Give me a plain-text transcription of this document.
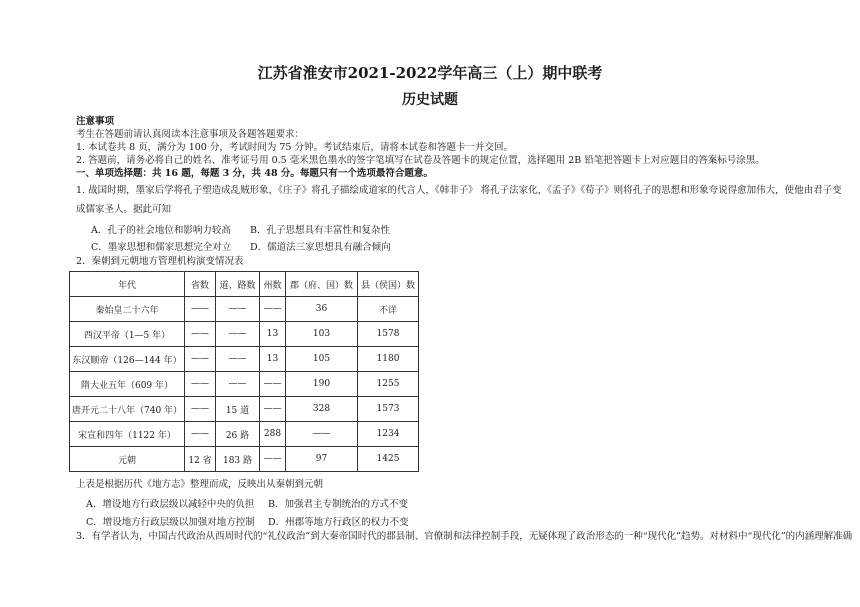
江苏省淮安市2021-2022学年高三（上）期中联考
历史试题
注意事项
考生在答题前请认真阅读本注意事项及各题答题要求：
1. 本试卷共 8 页，满分为 100 分，考试时间为 75 分钟。考试结束后，请将本试卷和答题卡一并交回。
2. 答题前，请务必将自己的姓名、准考证号用 0.5 毫米黑色墨水的签字笔填写在试卷及答题卡的规定位置，选择题用 2B 铅笔把答题卡上对应题目的答案标号涂黑。
一、单项选择题：共 16 题，每题 3 分，共 48 分。每题只有一个选项最符合题意。
1. 战国时期，墨家后学将孔子塑造成乱贼形象，《庄子》将孔子描绘成道家的代言人，《韩非子》 将孔子法家化，《孟子》《荀子》则将孔子的思想和形象夸说得愈加伟大，使他由君子变
成儒家圣人。据此可知
A．孔子的社会地位和影响力较高 B．孔子思想具有丰富性和复杂性
C．墨家思想和儒家思想完全对立 D．儒道法三家思想具有融合倾向
2．秦朝到元朝地方管理机构演变情况表
年代	省数	道、路数	州数	郡（府、国）数	县（侯国）数
秦始皇二十六年	——	——	——	36	不详
西汉平帝（1—5 年）	——	——	13	103	1578
东汉顺帝（126—144 年）	——	——	13	105	1180
隋大业五年（609 年）	——	——	——	190	1255
唐开元二十八年（740 年）	——	15 道	——	328	1573
宋宣和四年（1122 年）	——	26 路	288	——	1234
元朝	12 省	183 路	——	97	1425
上表是根据历代《地方志》整理而成，反映出从秦朝到元朝
A．增设地方行政层级以减轻中央的负担 B．加强君主专制统治的方式不变
C．增设地方行政层级以加强对地方控制 D．州郡等地方行政区的权力不变
3．有学者认为，中国古代政治从西周时代的“礼仪政治”到大秦帝国时代的郡县制、官僚制和法律控制手段，无疑体现了政治形态的一种“现代化”趋势。对材料中“现代化”的内涵理解准确
